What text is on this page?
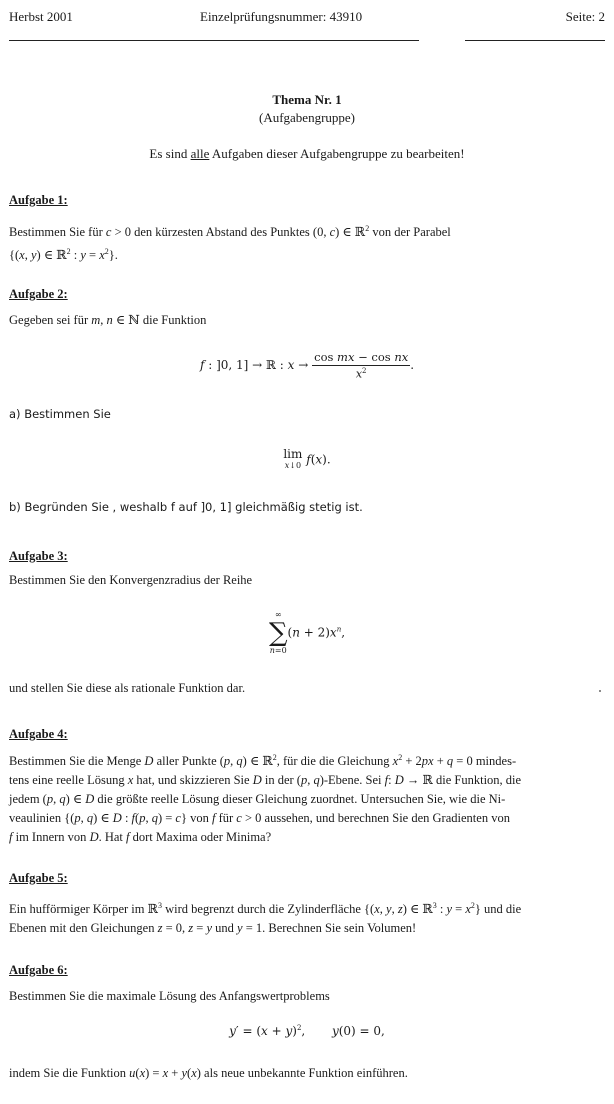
Herbst 2001	Einzelprüfungsnummer: 43910	Seite: 2
Thema Nr. 1
(Aufgabengruppe)
Es sind alle Aufgaben dieser Aufgabengruppe zu bearbeiten!
Aufgabe 1:
Bestimmen Sie für c > 0 den kürzesten Abstand des Punktes (0, c) ∈ ℝ$^2$ von der Parabel
{(x, y) ∈ ℝ$^2$ : $y = x^2$}.
Aufgabe 2:
Gegeben sei für m, n ∈ ℕ die Funktion
f : ]0, 1] → ℝ : $x \to \frac{\text{cos mx − cos nx}}{x^2}$ .
a) Bestimmen Sie
lim
x↓0 f(x).
b) Begründen Sie , weshalb f auf ]0, 1] gleichmäßig stetig ist.
Aufgabe 3:
Bestimmen Sie den Konvergenzradius der Reihe
∞
∑
n=0
$(n + 2)x^n$,
und stellen Sie diese als rationale Funktion dar.
Aufgabe 4:
Bestimmen Sie die Menge D aller Punkte (p, q) ∈ ℝ$^2$, für die die Gleichung $x^2 + 2px + q = 0$ mindes-
tens eine reelle Lösung x hat, und skizzieren Sie D in der (p, q)-Ebene. Sei f: D → ℝ die Funktion, die
jedem (p, q) ∈ D die größte reelle Lösung dieser Gleichung zuordnet. Untersuchen Sie, wie die Ni-
veaulinien {(p, q) ∈ D : f(p, q) = c} von f für c > 0 aussehen, und berechnen Sie den Gradienten von
f im Innern von D. Hat f dort Maxima oder Minima?
Aufgabe 5:
Ein hufförmiger Körper im ℝ$^3$ wird begrenzt durch die Zylinderfläche {(x, y, z) ∈ ℝ$^3$ : $y = x^2$} und die
Ebenen mit den Gleichungen z = 0, z = y und y = 1. Berechnen Sie sein Volumen!
Aufgabe 6:
Bestimmen Sie die maximale Lösung des Anfangswertproblems
$y' = (x + y)^2$,       y(0) = 0,
indem Sie die Funktion u(x) = x + y(x) als neue unbekannte Funktion einführen.
